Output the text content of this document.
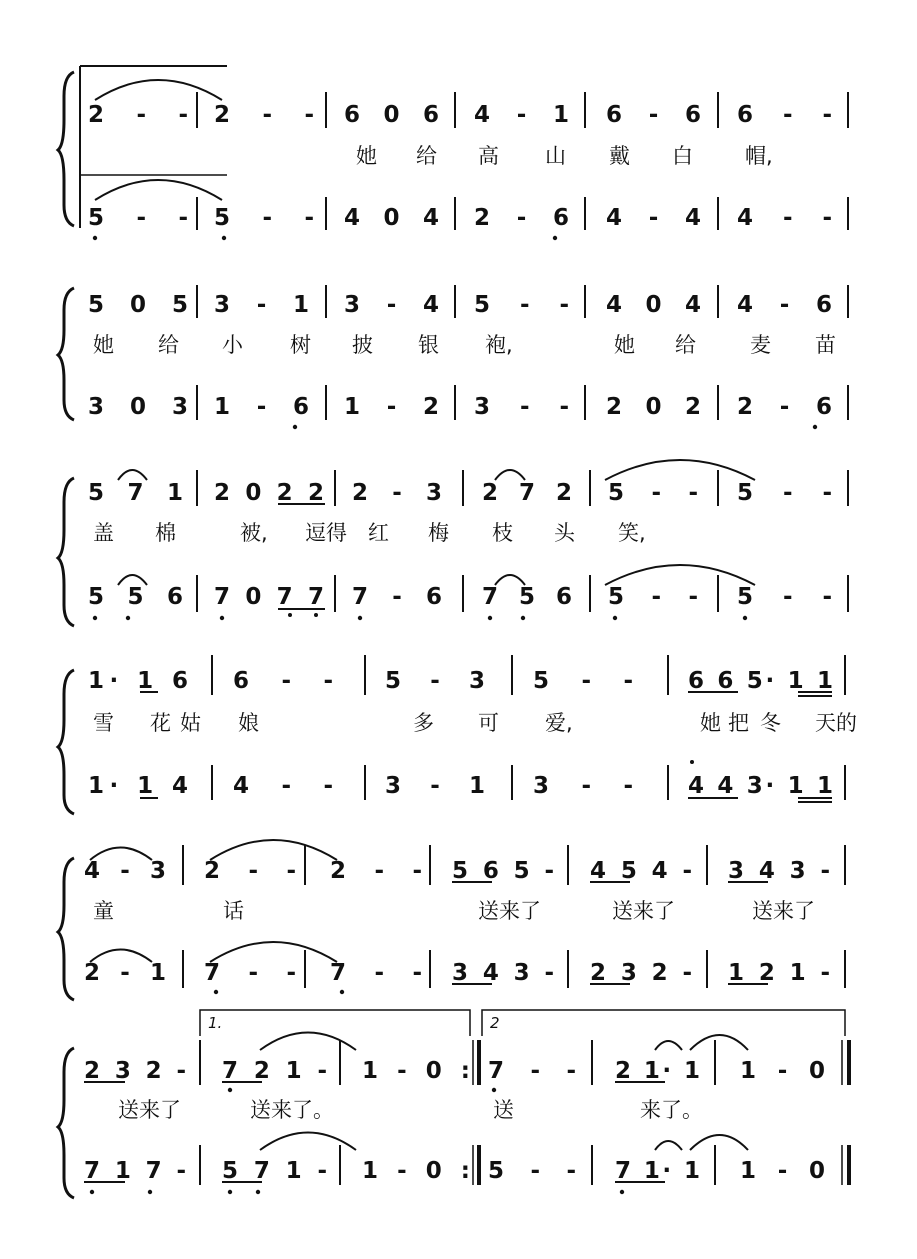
2 - - 2 - - 6 0 6 4 - 1 6 - 6 6 - -
5 - - 5 - - 4 0 4 2 - 6 4 - 4 4 - -
她 给 高 山 戴 白 帽,
5 0 5 3 - 1 3 - 4 5 - - 4 0 4 4 - 6
3 0 3 1 - 6 1 - 2 3 - - 2 0 2 2 - 6
她 给 小 树 披 银 袍,	她 给	麦 苗
5 7 1 2 0 2 2 2 - 3 2 7 2 5 - - 5 - -
5 5 6 7 0 7 7 7 - 6 7 5 6 5 - - 5 - -
盖 棉	被, 逗得 红 梅 枝 头 笑,
1· 1 6 6 - - 5 - 3 5 - - 6 6 5· 1 1
1· 1 4 4 - - 3 - 1 3 - - 4 4 3· 1 1
雪 花 姑 娘	多 可 爱,	她 把 冬 天的
4 - 3 2 - - 2 - - 5 6 5 - 4 5 4 - 3 4 3 -
2 - 1 7 - - 7 - - 3 4 3 - 2 3 2 - 1 2 1 -
童	话	送来了	送来了	送来了
1.	2
2 3 2 - 7 2 1 - 1 - 0 : 7 - - 2 1· 1 1 - 0
7 1 7 - 5 7 1 - 1 - 0 : 5 - - 7 1· 1 1 - 0
送来了	送来了。	送	来了。
